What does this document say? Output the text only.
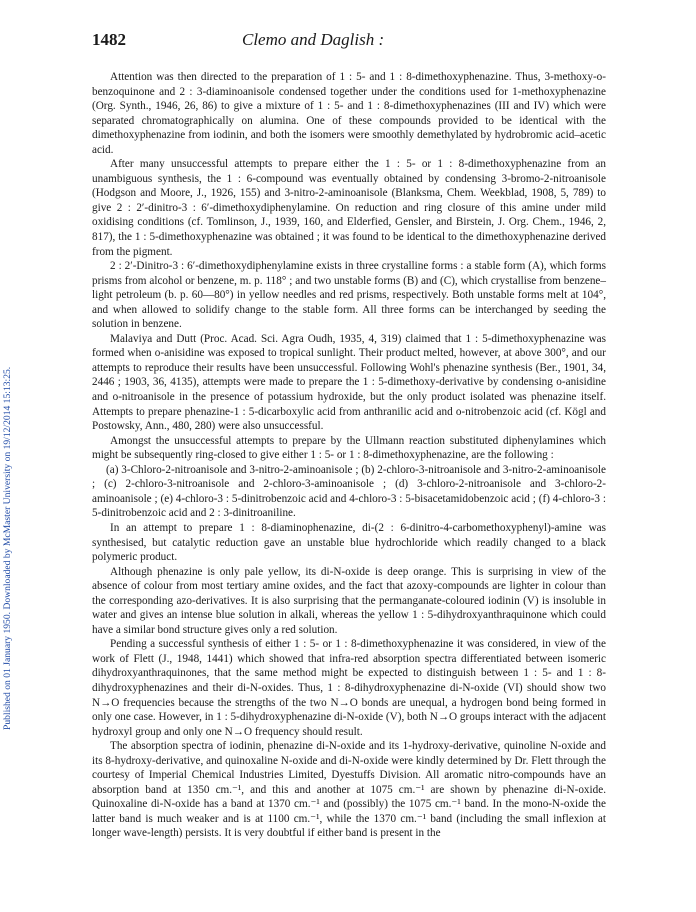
Published on 01 January 1950. Downloaded by McMaster University on 19/12/2014 15:13:25.
1482	Clemo and Daglish :

Attention was then directed to the preparation of 1 : 5- and 1 : 8-dimethoxyphenazine. Thus, 3-methoxy-o-benzoquinone and 2 : 3-diaminoanisole condensed together under the conditions used for 1-methoxyphenazine (Org. Synth., 1946, 26, 86) to give a mixture of 1 : 5- and 1 : 8-dimethoxyphenazines (III and IV) which were separated chromatographically on alumina. One of these compounds provided to be identical with the dimethoxyphenazine from iodinin, and both the isomers were smoothly demethylated by hydrobromic acid–acetic acid.

After many unsuccessful attempts to prepare either the 1 : 5- or 1 : 8-dimethoxyphenazine from an unambiguous synthesis, the 1 : 6-compound was eventually obtained by condensing 3-bromo-2-nitroanisole (Hodgson and Moore, J., 1926, 155) and 3-nitro-2-aminoanisole (Blanksma, Chem. Weekblad, 1908, 5, 789) to give 2 : 2′-dinitro-3 : 6′-dimethoxydiphenylamine. On reduction and ring closure of this amine under mild oxidising conditions (cf. Tomlinson, J., 1939, 160, and Elderfied, Gensler, and Birstein, J. Org. Chem., 1946, 2, 817), the 1 : 5-dimethoxyphenazine was obtained ; it was found to be identical to the dimethoxyphenazine derived from the pigment.

2 : 2′-Dinitro-3 : 6′-dimethoxydiphenylamine exists in three crystalline forms : a stable form (A), which forms prisms from alcohol or benzene, m. p. 118° ; and two unstable forms (B) and (C), which crystallise from benzene–light petroleum (b. p. 60—80°) in yellow needles and red prisms, respectively. Both unstable forms melt at 104°, and when allowed to solidify change to the stable form. All three forms can be interchanged by seeding the solution in benzene.

Malaviya and Dutt (Proc. Acad. Sci. Agra Oudh, 1935, 4, 319) claimed that 1 : 5-dimethoxyphenazine was formed when o-anisidine was exposed to tropical sunlight. Their product melted, however, at above 300°, and our attempts to reproduce their results have been unsuccessful. Following Wohl's phenazine synthesis (Ber., 1901, 34, 2446 ; 1903, 36, 4135), attempts were made to prepare the 1 : 5-dimethoxy-derivative by condensing o-anisidine and o-nitroanisole in the presence of potassium hydroxide, but the only product isolated was phenazine itself. Attempts to prepare phenazine-1 : 5-dicarboxylic acid from anthranilic acid and o-nitrobenzoic acid (cf. Kögl and Postowsky, Ann., 480, 280) were also unsuccessful.

Amongst the unsuccessful attempts to prepare by the Ullmann reaction substituted diphenylamines which might be subsequently ring-closed to give either 1 : 5- or 1 : 8-dimethoxyphenazine, are the following :

(a) 3-Chloro-2-nitroanisole and 3-nitro-2-aminoanisole ; (b) 2-chloro-3-nitroanisole and 3-nitro-2-aminoanisole ; (c) 2-chloro-3-nitroanisole and 2-chloro-3-aminoanisole ; (d) 3-chloro-2-nitroanisole and 3-chloro-2-aminoanisole ; (e) 4-chloro-3 : 5-dinitrobenzoic acid and 4-chloro-3 : 5-bisacetamidobenzoic acid ; (f) 4-chloro-3 : 5-dinitrobenzoic acid and 2 : 3-dinitroaniline.

In an attempt to prepare 1 : 8-diaminophenazine, di-(2 : 6-dinitro-4-carbomethoxyphenyl)-amine was synthesised, but catalytic reduction gave an unstable blue hydrochloride which readily changed to a black polymeric product.

Although phenazine is only pale yellow, its di-N-oxide is deep orange. This is surprising in view of the absence of colour from most tertiary amine oxides, and the fact that azoxy-compounds are lighter in colour than the corresponding azo-derivatives. It is also surprising that the permanganate-coloured iodinin (V) is insoluble in water and gives an intense blue solution in alkali, whereas the yellow 1 : 5-dihydroxyanthraquinone which could have a similar bond structure gives only a red solution.

Pending a successful synthesis of either 1 : 5- or 1 : 8-dimethoxyphenazine it was considered, in view of the work of Flett (J., 1948, 1441) which showed that infra-red absorption spectra differentiated between isomeric dihydroxyanthraquinones, that the same method might be expected to distinguish between 1 : 5- and 1 : 8-dihydroxyphenazines and their di-N-oxides. Thus, 1 : 8-dihydroxyphenazine di-N-oxide (VI) should show two N→O frequencies because the strengths of the two N→O bonds are unequal, a hydrogen bond being formed in only one case. However, in 1 : 5-dihydroxyphenazine di-N-oxide (V), both N→O groups interact with the adjacent hydroxyl group and only one N→O frequency should result.

The absorption spectra of iodinin, phenazine di-N-oxide and its 1-hydroxy-derivative, quinoline N-oxide and its 8-hydroxy-derivative, and quinoxaline N-oxide and di-N-oxide were kindly determined by Dr. Flett through the courtesy of Imperial Chemical Industries Limited, Dyestuffs Division. All aromatic nitro-compounds have an absorption band at 1350 cm.⁻¹, and this and another at 1075 cm.⁻¹ are shown by phenazine di-N-oxide. Quinoxaline di-N-oxide has a band at 1370 cm.⁻¹ and (possibly) the 1075 cm.⁻¹ band. In the mono-N-oxide the latter band is much weaker and is at 1100 cm.⁻¹, while the 1370 cm.⁻¹ band (including the small inflexion at longer wave-length) persists. It is very doubtful if either band is present in the
